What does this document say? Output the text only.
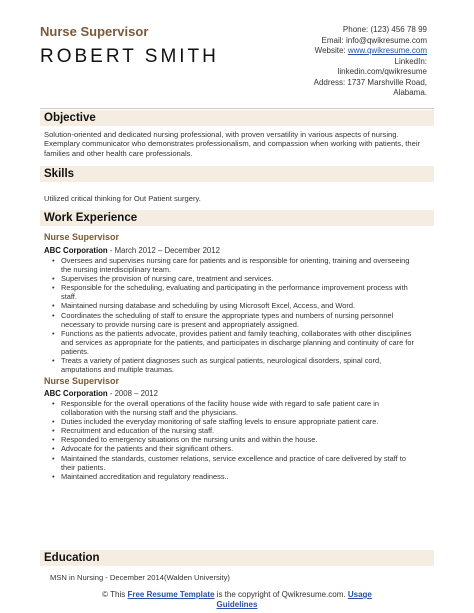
Nurse Supervisor
ROBERT SMITH
Phone: (123) 456 78 99
Email: info@qwikresume.com
Website: www.qwikresume.com
LinkedIn:
linkedin.com/qwikresume
Address: 1737 Marshville Road,
Alabama.
Objective
Solution-oriented and dedicated nursing professional, with proven versatility in various aspects of nursing. Exemplary communicator who demonstrates professionalism, and compassion when working with patients, their families and other health care professionals.
Skills
Utilized critical thinking for Out Patient surgery.
Work Experience
Nurse Supervisor
ABC Corporation - March 2012 – December 2012
• Oversees and supervises nursing care for patients and is responsible for orienting, training and overseeing the nursing interdisciplinary team.
• Supervises the provision of nursing care, treatment and services.
• Responsible for the scheduling, evaluating and participating in the performance improvement process with staff.
• Maintained nursing database and scheduling by using Microsoft Excel, Access, and Word.
• Coordinates the scheduling of staff to ensure the appropriate types and numbers of nursing personnel necessary to provide nursing care is present and appropriately assigned.
• Functions as the patients advocate, provides patient and family teaching, collaborates with other disciplines and services as appropriate for the patients, and participates in discharge planning and continuity of care for patients.
• Treats a variety of patient diagnoses such as surgical patients, neurological disorders, spinal cord, amputations and multiple traumas.
Nurse Supervisor
ABC Corporation - 2008 – 2012
• Responsible for the overall operations of the facility house wide with regard to safe patient care in collaboration with the nursing staff and the physicians.
• Duties included the everyday monitoring of safe staffing levels to ensure appropriate patient care.
• Recruitment and education of the nursing staff.
• Responded to emergency situations on the nursing units and within the house.
• Advocate for the patients and their significant others.
• Maintained the standards, customer relations, service excellence and practice of care delivered by staff to their patients.
• Maintained accreditation and regulatory readiness..
Education
MSN in Nursing - December 2014(Walden University)
© This Free Resume Template is the copyright of Qwikresume.com. Usage
Guidelines
